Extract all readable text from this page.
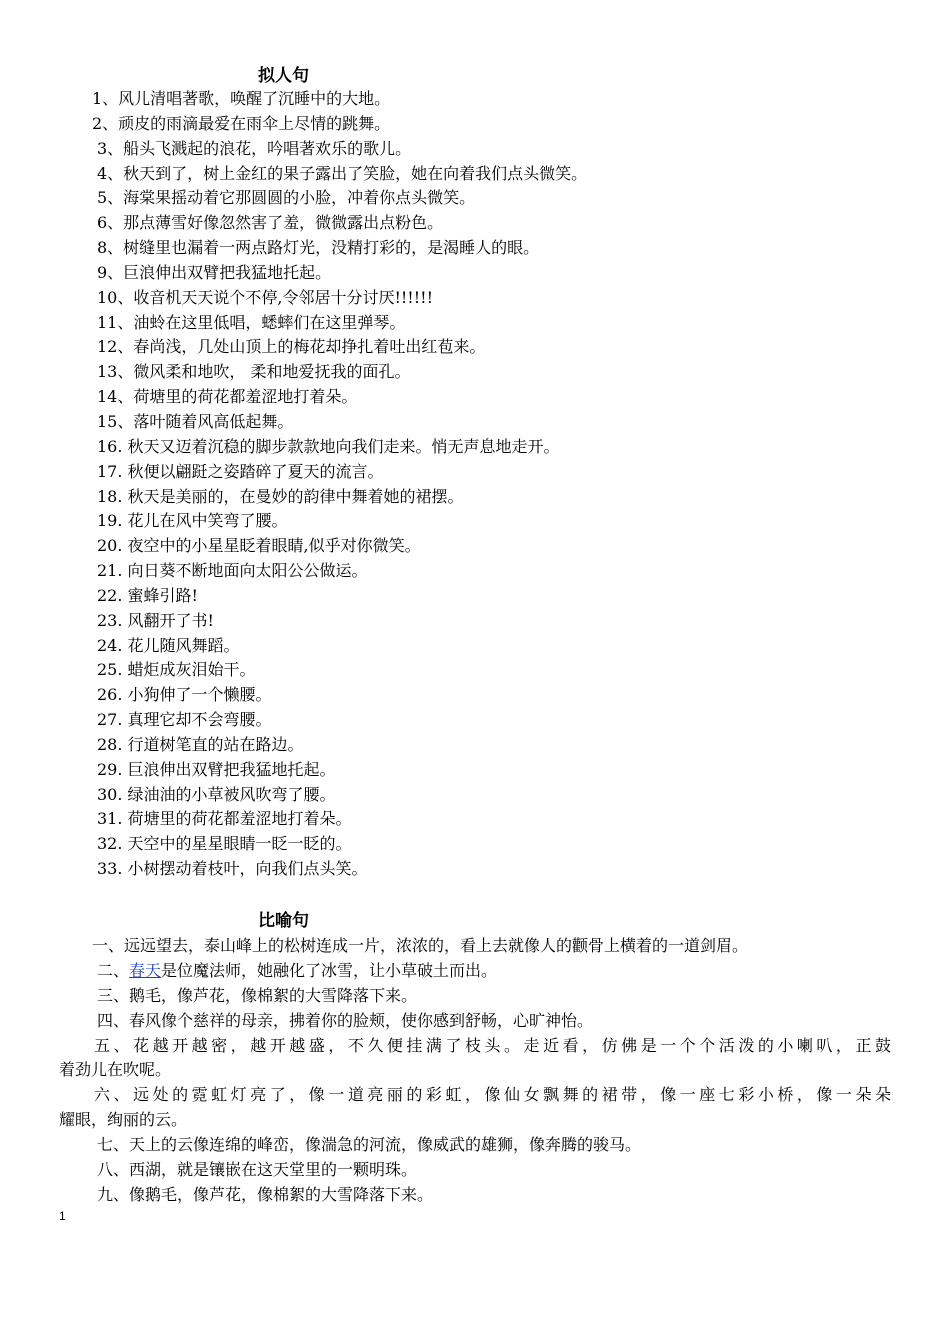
拟人句
1、风儿清唱著歌，唤醒了沉睡中的大地。
2、顽皮的雨滴最爱在雨伞上尽情的跳舞。
3、船头飞溅起的浪花，吟唱著欢乐的歌儿。
4、秋天到了，树上金红的果子露出了笑脸，她在向着我们点头微笑。
5、海棠果摇动着它那圆圆的小脸，冲着你点头微笑。
6、那点薄雪好像忽然害了羞，微微露出点粉色。
8、树缝里也漏着一两点路灯光，没精打彩的，是渴睡人的眼。
9、巨浪伸出双臂把我猛地托起。
10、收音机天天说个不停,令邻居十分讨厌!!!!!!
11、油蛉在这里低唱，蟋蟀们在这里弹琴。
12、春尚浅，几处山顶上的梅花却挣扎着吐出红苞来。
13、微风柔和地吹， 柔和地爱抚我的面孔。
14、荷塘里的荷花都羞涩地打着朵。
15、落叶随着风高低起舞。
16. 秋天又迈着沉稳的脚步款款地向我们走来。悄无声息地走开。
17. 秋便以翩跹之姿踏碎了夏天的流言。
18. 秋天是美丽的，在曼妙的韵律中舞着她的裙摆。
19. 花儿在风中笑弯了腰。
20. 夜空中的小星星眨着眼睛,似乎对你微笑。
21. 向日葵不断地面向太阳公公做运。
22. 蜜蜂引路!
23. 风翻开了书!
24. 花儿随风舞蹈。
25. 蜡炬成灰泪始干。
26. 小狗伸了一个懒腰。
27. 真理它却不会弯腰。
28. 行道树笔直的站在路边。
29. 巨浪伸出双臂把我猛地托起。
30. 绿油油的小草被风吹弯了腰。
31. 荷塘里的荷花都羞涩地打着朵。
32. 天空中的星星眼睛一眨一眨的。
33. 小树摆动着枝叶，向我们点头笑。
比喻句
一、远远望去，泰山峰上的松树连成一片，浓浓的，看上去就像人的颧骨上横着的一道剑眉。
二、春天是位魔法师，她融化了冰雪，让小草破土而出。
三、鹅毛，像芦花，像棉絮的大雪降落下来。
四、春风像个慈祥的母亲，拂着你的脸颊，使你感到舒畅，心旷神怡。
五、花越开越密，越开越盛，不久便挂满了枝头。走近看，仿佛是一个个活泼的小喇叭，正鼓
着劲儿在吹呢。
六、远处的霓虹灯亮了，像一道亮丽的彩虹，像仙女飘舞的裙带，像一座七彩小桥，像一朵朵
耀眼，绚丽的云。
七、天上的云像连绵的峰峦，像湍急的河流，像威武的雄狮，像奔腾的骏马。
八、西湖，就是镶嵌在这天堂里的一颗明珠。
九、像鹅毛，像芦花，像棉絮的大雪降落下来。
1
